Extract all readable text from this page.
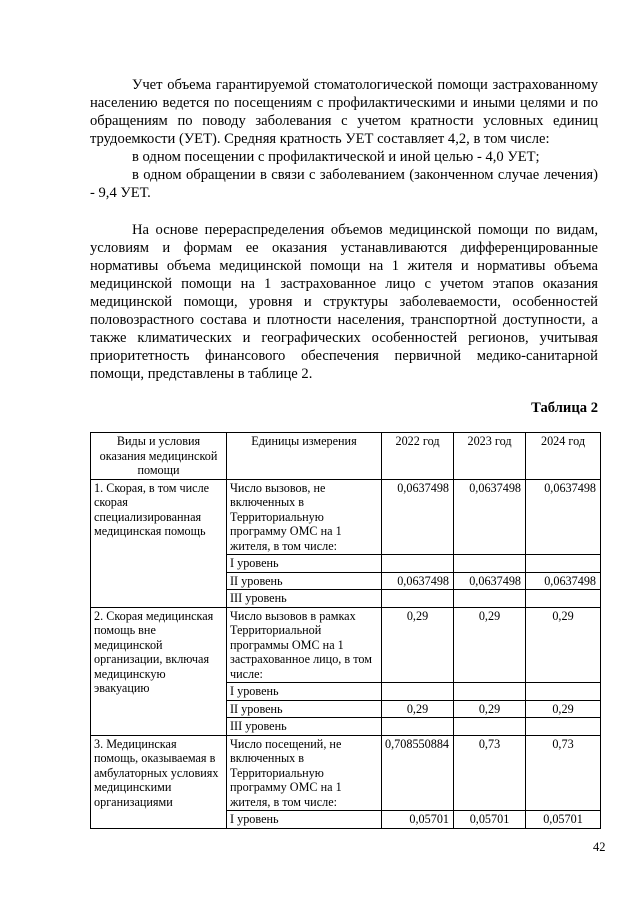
Учет объема гарантируемой стоматологической помощи застрахованному населению ведется по посещениям с профилактическими и иными целями и по обращениям по поводу заболевания с учетом кратности условных единиц трудоемкости (УЕТ). Средняя кратность УЕТ составляет 4,2, в том числе:

в одном посещении с профилактической и иной целью - 4,0 УЕТ;

в одном обращении в связи с заболеванием (законченном случае лечения) - 9,4 УЕТ.

На основе перераспределения объемов медицинской помощи по видам, условиям и формам ее оказания устанавливаются дифференцированные нормативы объема медицинской помощи на 1 жителя и нормативы объема медицинской помощи на 1 застрахованное лицо с учетом этапов оказания медицинской помощи, уровня и структуры заболеваемости, особенностей половозрастного состава и плотности населения, транспортной доступности, а также климатических и географических особенностей регионов, учитывая приоритетность финансового обеспечения первичной медико-санитарной помощи, представлены в таблице 2.

Таблица 2
Виды и условия оказания медицинской помощи	Единицы измерения	2022 год	2023 год	2024 год
1. Скорая, в том числе скорая специализированная медицинская помощь	Число вызовов, не включенных в Территориальную программу ОМС на 1 жителя, в том числе:	0,0637498	0,0637498	0,0637498
	I уровень			
	II уровень	0,0637498	0,0637498	0,0637498
	III уровень			
2. Скорая медицинская помощь вне медицинской организации, включая медицинскую эвакуацию	Число вызовов в рамках Территориальной программы ОМС на 1 застрахованное лицо, в том числе:	0,29	0,29	0,29
	I уровень			
	II уровень	0,29	0,29	0,29
	III уровень			
3. Медицинская помощь, оказываемая в амбулаторных условиях медицинскими организациями	Число посещений, не включенных в Территориальную программу ОМС на 1 жителя, в том числе:	0,708550884	0,73	0,73
	I уровень	0,05701	0,05701	0,05701
42
